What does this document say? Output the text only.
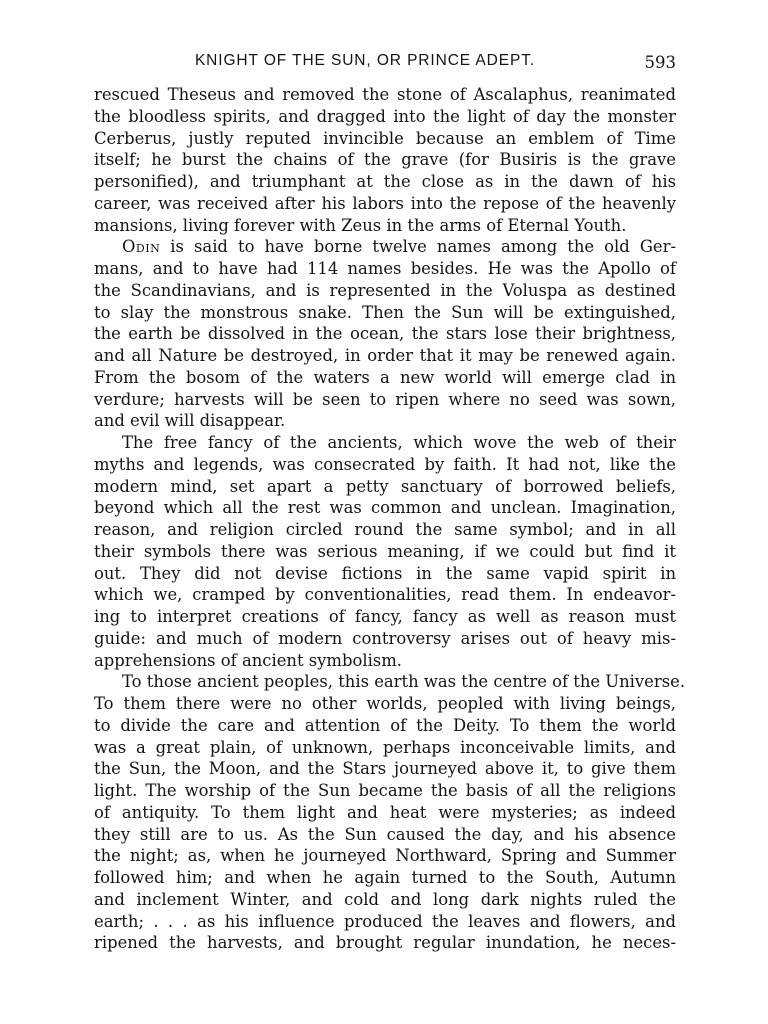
KNIGHT OF THE SUN, OR PRINCE ADEPT.	593
rescued Theseus and removed the stone of Ascalaphus, reanimated
the bloodless spirits, and dragged into the light of day the monster
Cerberus, justly reputed invincible because an emblem of Time
itself; he burst the chains of the grave (for Busiris is the grave
personified), and triumphant at the close as in the dawn of his
career, was received after his labors into the repose of the heavenly
mansions, living forever with Zeus in the arms of Eternal Youth.
Odin is said to have borne twelve names among the old Ger-
mans, and to have had 114 names besides. He was the Apollo of
the Scandinavians, and is represented in the Voluspa as destined
to slay the monstrous snake. Then the Sun will be extinguished,
the earth be dissolved in the ocean, the stars lose their brightness,
and all Nature be destroyed, in order that it may be renewed again.
From the bosom of the waters a new world will emerge clad in
verdure; harvests will be seen to ripen where no seed was sown,
and evil will disappear.
The free fancy of the ancients, which wove the web of their
myths and legends, was consecrated by faith. It had not, like the
modern mind, set apart a petty sanctuary of borrowed beliefs,
beyond which all the rest was common and unclean. Imagination,
reason, and religion circled round the same symbol; and in all
their symbols there was serious meaning, if we could but find it
out. They did not devise fictions in the same vapid spirit in
which we, cramped by conventionalities, read them. In endeavor-
ing to interpret creations of fancy, fancy as well as reason must
guide: and much of modern controversy arises out of heavy mis-
apprehensions of ancient symbolism.
To those ancient peoples, this earth was the centre of the Universe.
To them there were no other worlds, peopled with living beings,
to divide the care and attention of the Deity. To them the world
was a great plain, of unknown, perhaps inconceivable limits, and
the Sun, the Moon, and the Stars journeyed above it, to give them
light. The worship of the Sun became the basis of all the religions
of antiquity. To them light and heat were mysteries; as indeed
they still are to us. As the Sun caused the day, and his absence
the night; as, when he journeyed Northward, Spring and Summer
followed him; and when he again turned to the South, Autumn
and inclement Winter, and cold and long dark nights ruled the
earth; . . . as his influence produced the leaves and flowers, and
ripened the harvests, and brought regular inundation, he neces-
